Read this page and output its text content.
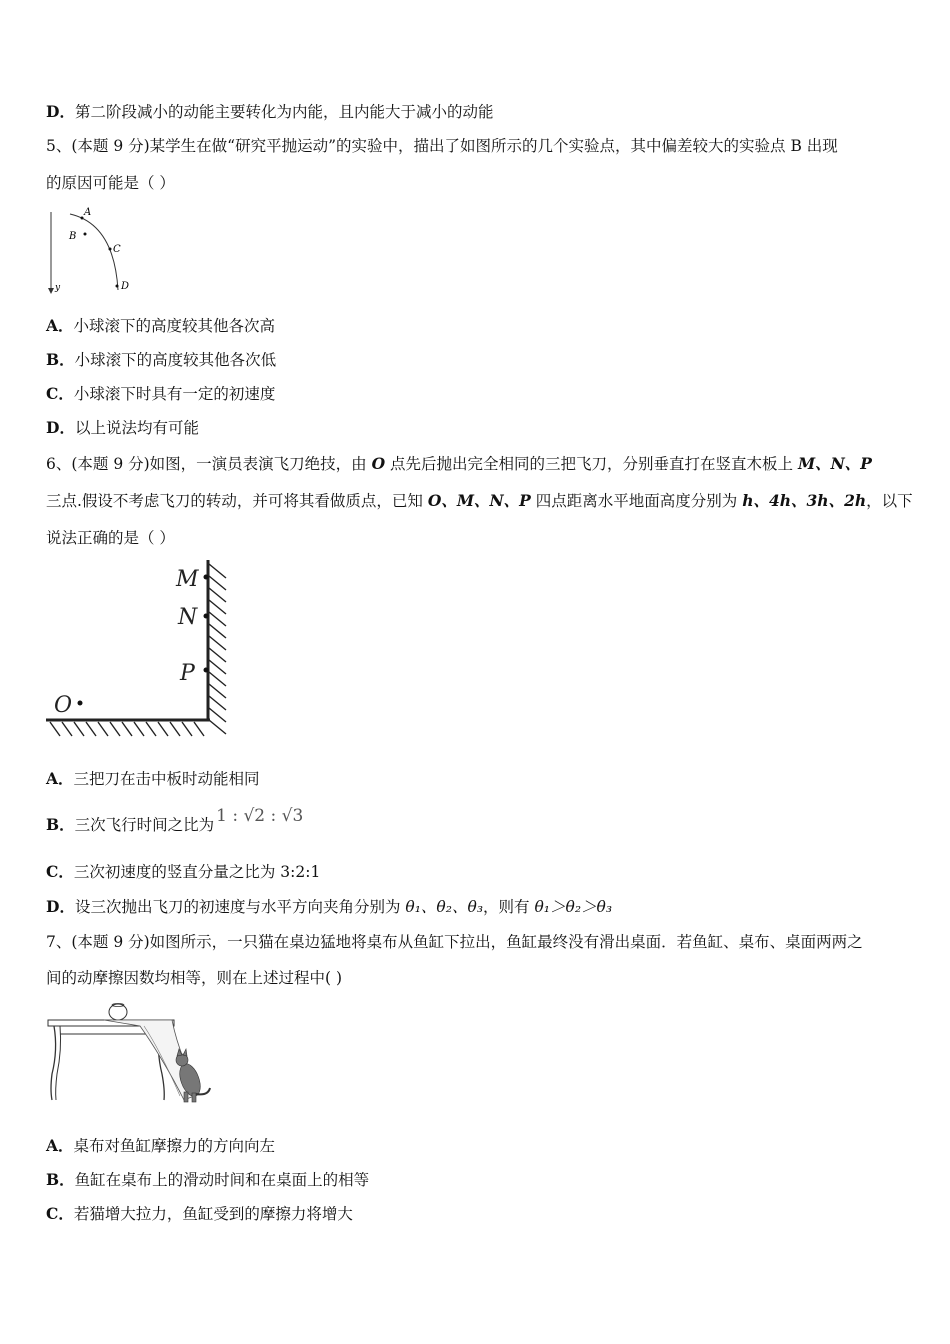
D．第二阶段减小的动能主要转化为内能，且内能大于减小的动能
5、(本题 9 分)某学生在做“研究平抛运动”的实验中，描出了如图所示的几个实验点，其中偏差较大的实验点 B 出现
的原因可能是（ ）
y
A
B
C
D
A．小球滚下的高度较其他各次高
B．小球滚下的高度较其他各次低
C．小球滚下时具有一定的初速度
D．以上说法均有可能
6、(本题 9 分)如图，一演员表演飞刀绝技，由 O 点先后抛出完全相同的三把飞刀，分别垂直打在竖直木板上 M、N、P
三点.假设不考虑飞刀的转动，并可将其看做质点，已知 O、M、N、P 四点距离水平地面高度分别为 h、4h、3h、2h，以下
说法正确的是（ ）
M
N
P
O
A．三把刀在击中板时动能相同
B．三次飞行时间之比为 1 : √2 : √3
C．三次初速度的竖直分量之比为 3:2:1
D．设三次抛出飞刀的初速度与水平方向夹角分别为 θ₁、θ₂、θ₃，则有 θ₁＞θ₂＞θ₃
7、(本题 9 分)如图所示，一只猫在桌边猛地将桌布从鱼缸下拉出，鱼缸最终没有滑出桌面．若鱼缸、桌布、桌面两两之
间的动摩擦因数均相等，则在上述过程中( )
A．桌布对鱼缸摩擦力的方向向左
B．鱼缸在桌布上的滑动时间和在桌面上的相等
C．若猫增大拉力，鱼缸受到的摩擦力将增大
